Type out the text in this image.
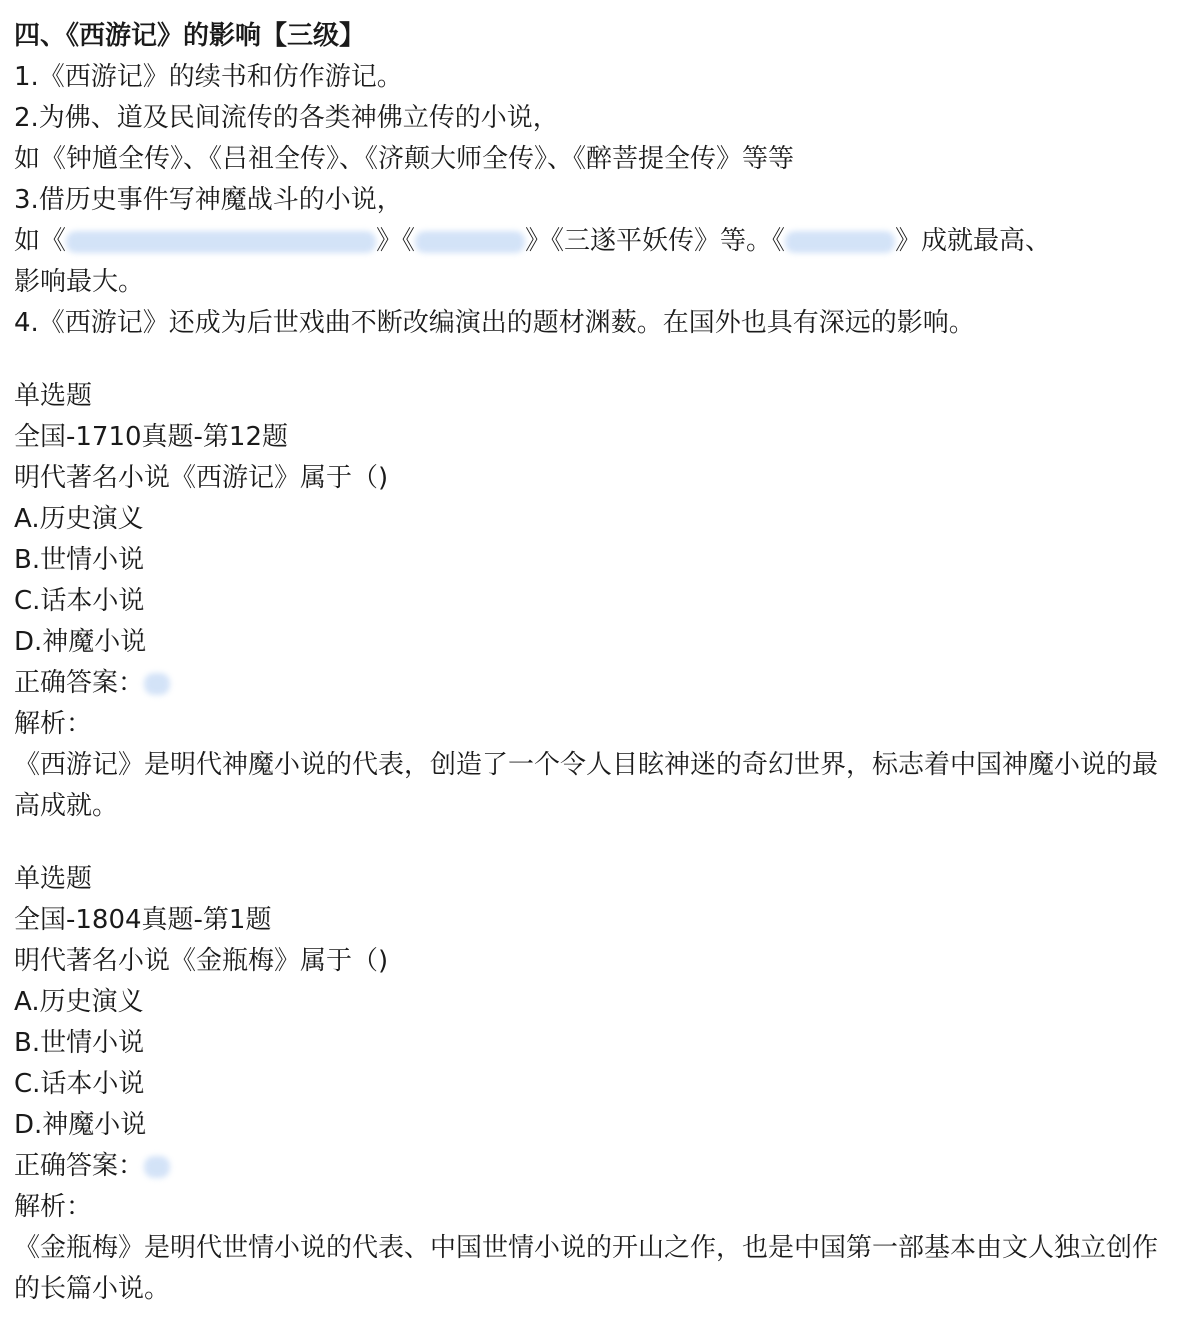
四、《西游记》的影响【三级】
1.《西游记》的续书和仿作游记。
2.为佛、道及民间流传的各类神佛立传的小说，
如《钟馗全传》、《吕祖全传》、《济颠大师全传》、《醉菩提全传》等等
3.借历史事件写神魔战斗的小说，
如《	》《	》《三遂平妖传》等。《	》成就最高、
影响最大。
4.《西游记》还成为后世戏曲不断改编演出的题材渊薮。在国外也具有深远的影响。
单选题
全国-1710真题-第12题
明代著名小说《西游记》属于（)
A.历史演义
B.世情小说
C.话本小说
D.神魔小说
正确答案：
解析：
《西游记》是明代神魔小说的代表，创造了一个令人目眩神迷的奇幻世界，标志着中国神魔小说的最高成就。
单选题
全国-1804真题-第1题
明代著名小说《金瓶梅》属于（)
A.历史演义
B.世情小说
C.话本小说
D.神魔小说
正确答案：
解析：
《金瓶梅》是明代世情小说的代表、中国世情小说的开山之作，也是中国第一部基本由文人独立创作的长篇小说。
